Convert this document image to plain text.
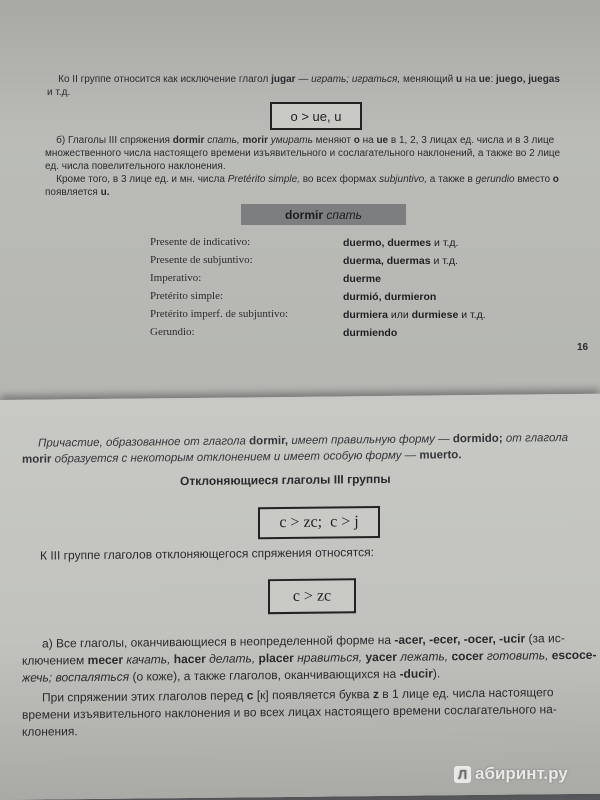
Ко II группе относится как исключение глагол jugar — играть; играться, меняющий u на ue: juego, juegas и т.д.

o > ue, u

б) Глаголы III спряжения dormir спать, morir умирать меняют o на ue в 1, 2, 3 лицах ед. числа и в 3 лице множественного числа настоящего времени изъявительного и сослагательного наклонений, а также во 2 лице ед. числа повелительного наклонения.

Кроме того, в 3 лице ед. и мн. числа Pretérito simple, во всех формах subjuntivo, а также в gerundio вместо o появляется u.

dormir
спать
Presente de indicativo:	duermo, duermes и т.д.
Presente de subjuntivo:	duerma, duermas и т.д.
Imperativo:	duerme
Pretérito simple:	durmió, durmieron
Pretérito imperf. de subjuntivo:	durmiera или durmiese и т.д.
Gerundio:	durmiendo
16

Причастие, образованное от глагола dormir, имеет правильную форму — dormido; от глагола morir образуется с некоторым отклонением и имеет особую форму — muerto.

Отклоняющиеся глаголы III группы
c > zc;  c > j

К III группе глаголов отклоняющегося спряжения относятся:

c > zc

а) Все глаголы, оканчивающиеся в неопределенной форме на -acer, -ecer, -ocer, -ucir (за ис-
ключением mecer качать, hacer делать, placer нравиться, yacer лежать, cocer готовить, escoce-
жечь; воспаляться (о коже), а также глаголов, оканчивающихся на -ducir).

При спряжении этих глаголов перед c [к] появляется буква z в 1 лице ед. числа настоящего
времени изъявительного наклонения и во всех лицах настоящего времени сослагательного на-
клонения.

Л абиринт.ру
